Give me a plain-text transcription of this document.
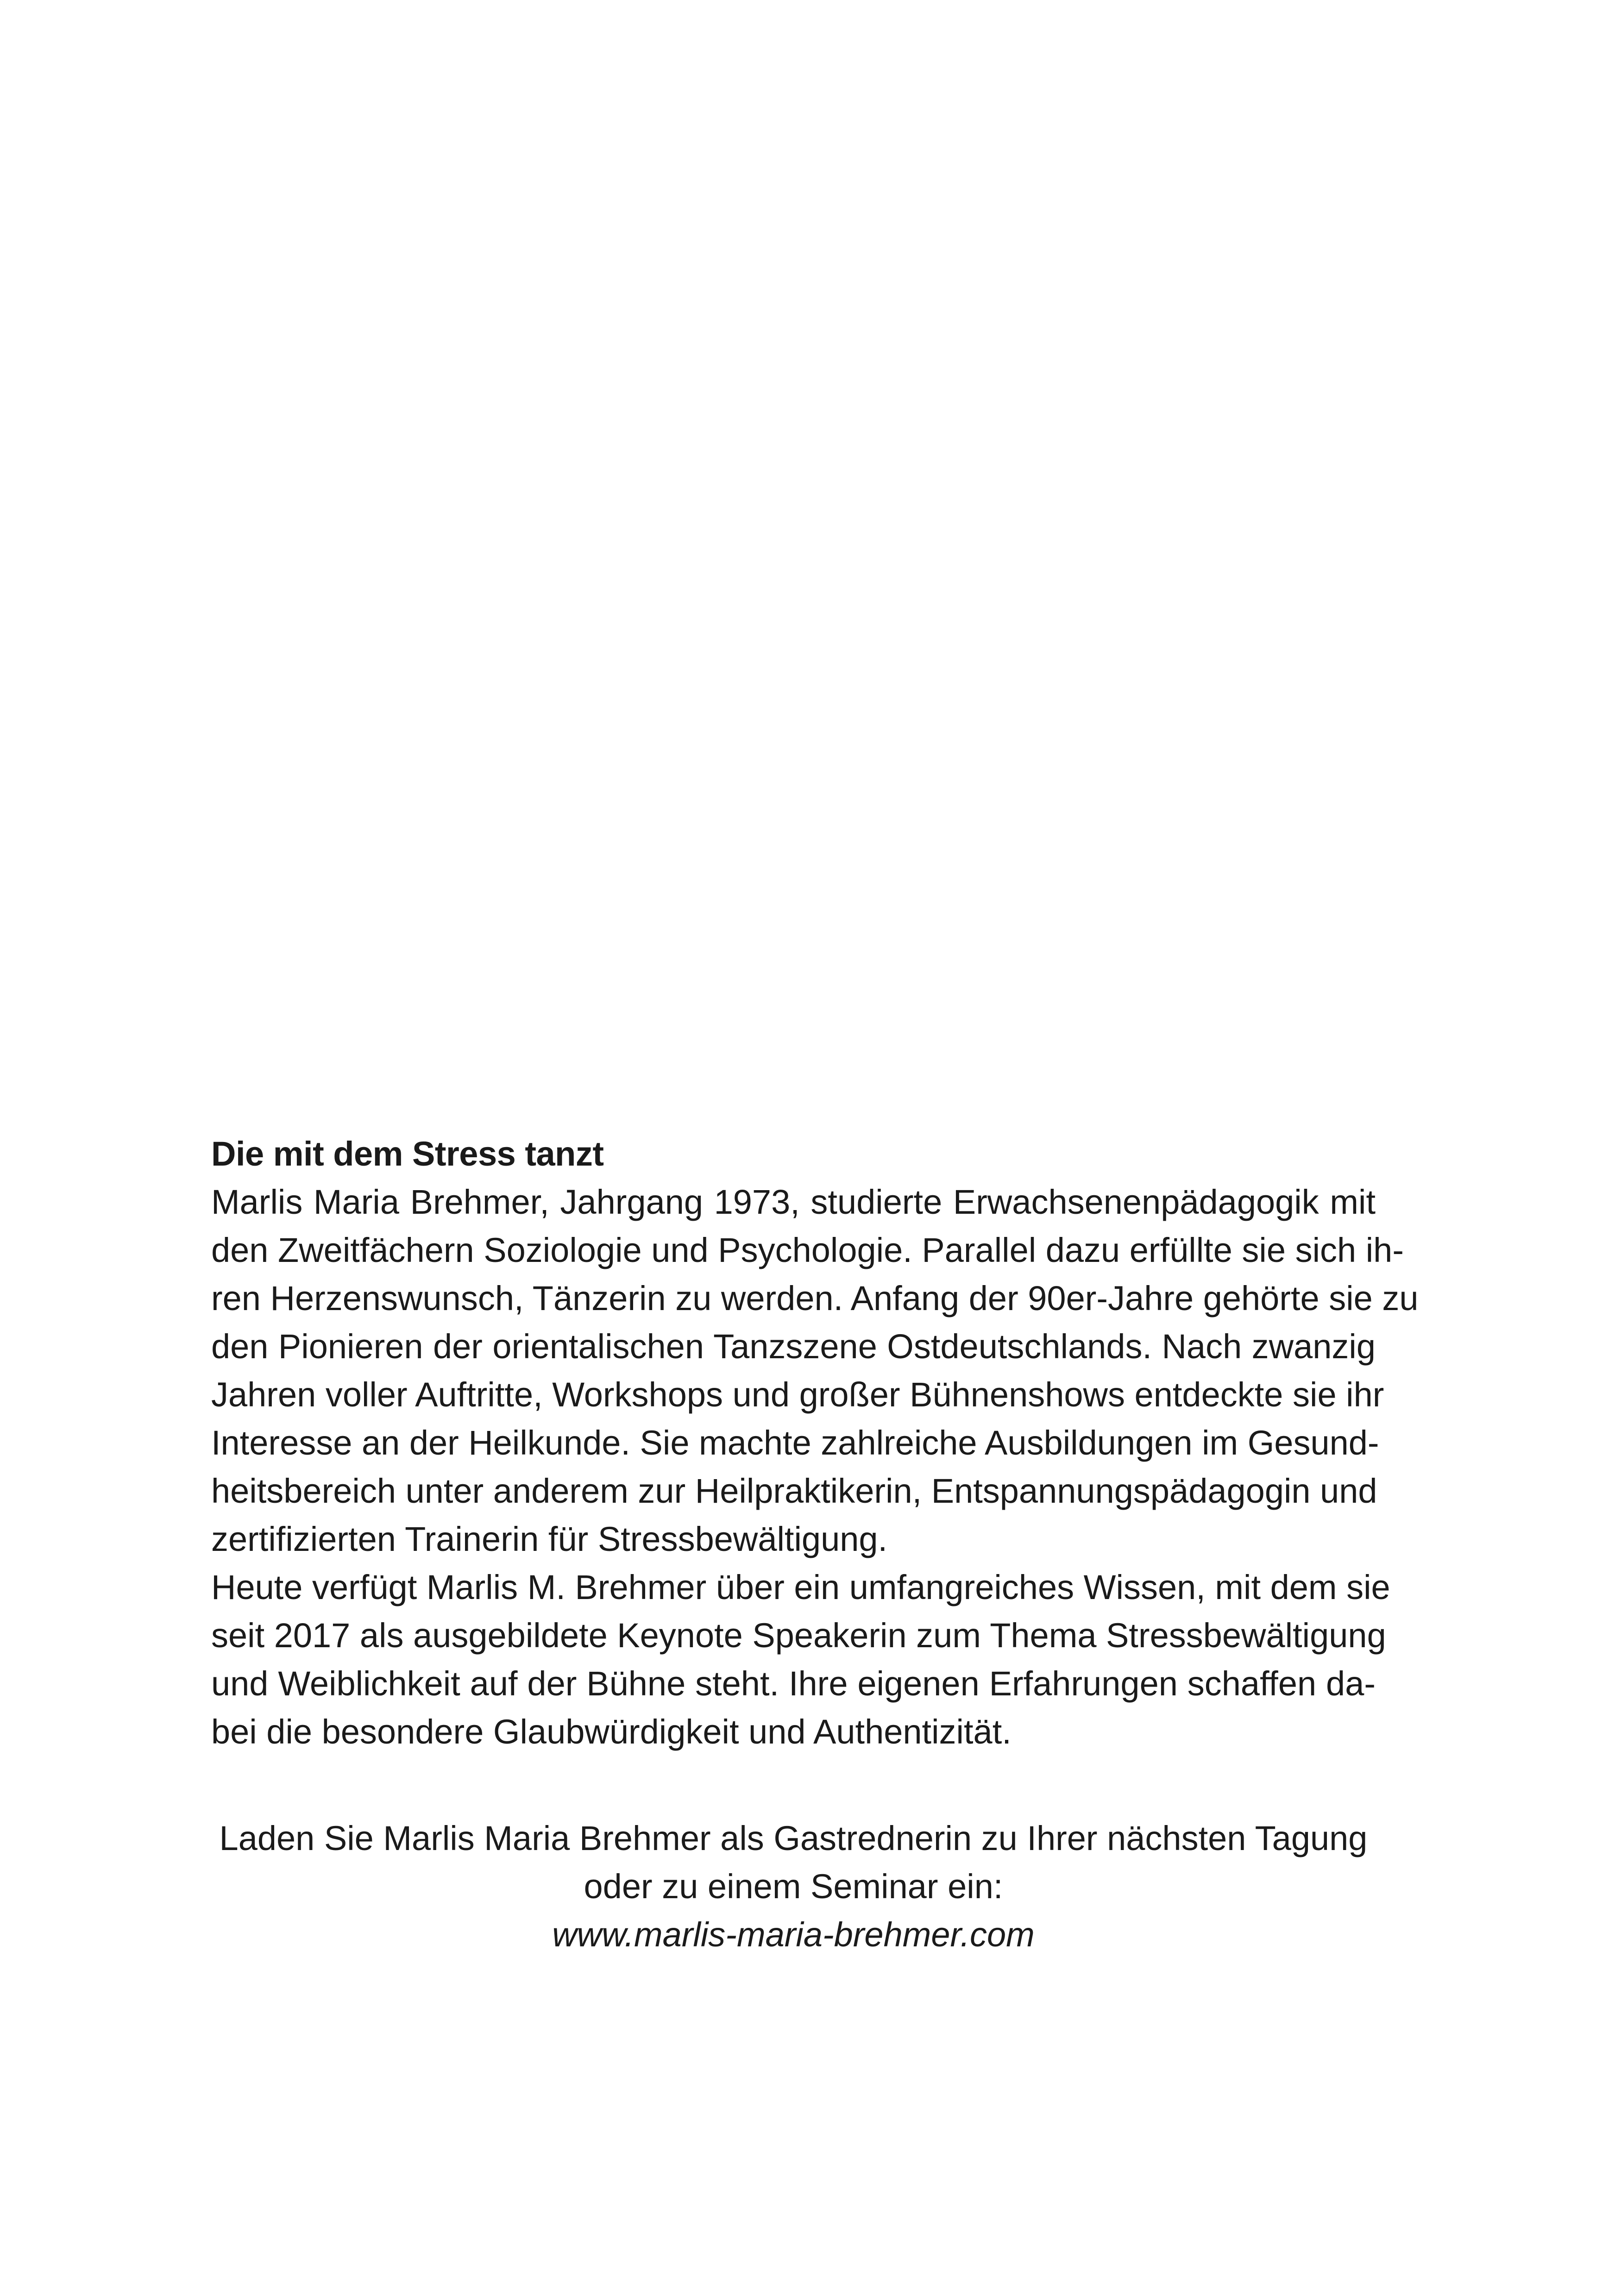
Die mit dem Stress tanzt
Marlis Maria Brehmer, Jahrgang 1973, studierte Erwachsenenpädagogik mit
den Zweitfächern Soziologie und Psychologie. Parallel dazu erfüllte sie sich ih-
ren Herzenswunsch, Tänzerin zu werden. Anfang der 90er-Jahre gehörte sie zu
den Pionieren der orientalischen Tanzszene Ostdeutschlands. Nach zwanzig
Jahren voller Auftritte, Workshops und großer Bühnenshows entdeckte sie ihr
Interesse an der Heilkunde. Sie machte zahlreiche Ausbildungen im Gesund-
heitsbereich unter anderem zur Heilpraktikerin, Entspannungspädagogin und
zertifizierten Trainerin für Stressbewältigung.
Heute verfügt Marlis M. Brehmer über ein umfangreiches Wissen, mit dem sie
seit 2017 als ausgebildete Keynote Speakerin zum Thema Stressbewältigung
und Weiblichkeit auf der Bühne steht. Ihre eigenen Erfahrungen schaffen da-
bei die besondere Glaubwürdigkeit und Authentizität.
Laden Sie Marlis Maria Brehmer als Gastrednerin zu Ihrer nächsten Tagung
oder zu einem Seminar ein:
www.marlis-maria-brehmer.com
